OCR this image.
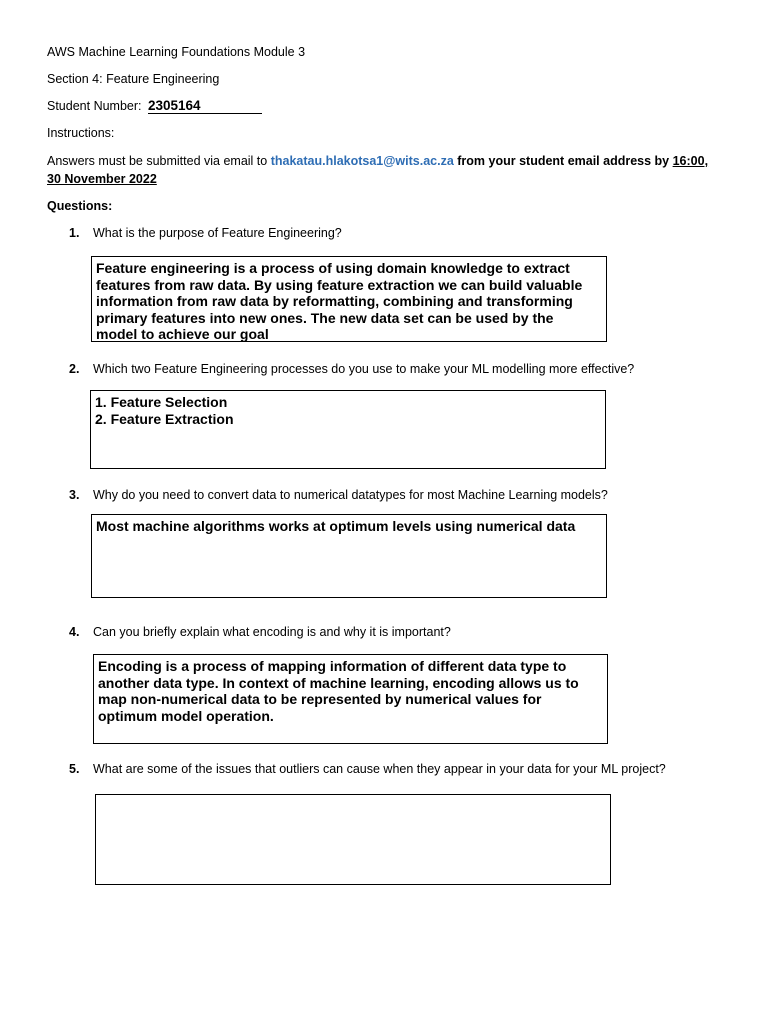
AWS Machine Learning Foundations Module 3
Section 4: Feature Engineering
Student Number: 2305164
Instructions:
Answers must be submitted via email to thakatau.hlakotsa1@wits.ac.za from your student email address by 16:00,
30 November 2022
Questions:
1. What is the purpose of Feature Engineering?
Feature engineering is a process of using domain knowledge to extract
features from raw data. By using feature extraction we can build valuable
information from raw data by reformatting, combining and transforming
primary features into new ones. The new data set can be used by the
model to achieve our goal
2. Which two Feature Engineering processes do you use to make your ML modelling more effective?
1. Feature Selection
2. Feature Extraction
3. Why do you need to convert data to numerical datatypes for most Machine Learning models?
Most machine algorithms works at optimum levels using numerical data
4. Can you briefly explain what encoding is and why it is important?
Encoding is a process of mapping information of different data type to
another data type. In context of machine learning, encoding allows us to
map non-numerical data to be represented by numerical values for
optimum model operation.
5. What are some of the issues that outliers can cause when they appear in your data for your ML project?
